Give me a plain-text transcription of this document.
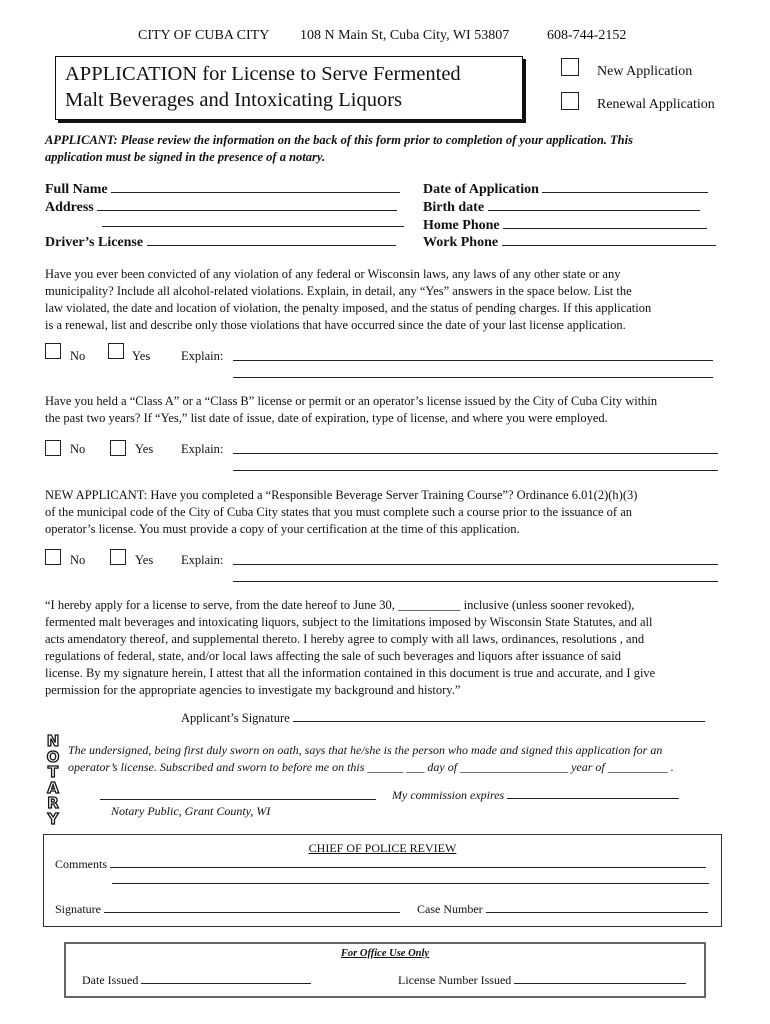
CITY OF CUBA CITY 108 N Main St, Cuba City, WI 53807	608-744-2152
APPLICATION for License to Serve Fermented
Malt Beverages and Intoxicating Liquors
New Application
Renewal Application
APPLICANT: Please review the information on the back of this form prior to completion of your application. This
application must be signed in the presence of a notary.
Full Name
Address
Driver’s License
Date of Application
Birth date
Home Phone
Work Phone
Have you ever been convicted of any violation of any federal or Wisconsin laws, any laws of any other state or any
municipality? Include all alcohol-related violations. Explain, in detail, any “Yes” answers in the space below. List the
law violated, the date and location of violation, the penalty imposed, and the status of pending charges. If this application
is a renewal, list and describe only those violations that have occurred since the date of your last license application.
No	Yes Explain:
Have you held a “Class A” or a “Class B” license or permit or an operator’s license issued by the City of Cuba City within
the past two years? If “Yes,” list date of issue, date of expiration, type of license, and where you were employed.
No	Yes Explain:
NEW APPLICANT: Have you completed a “Responsible Beverage Server Training Course”? Ordinance 6.01(2)(h)(3)
of the municipal code of the City of Cuba City states that you must complete such a course prior to the issuance of an
operator’s license. You must provide a copy of your certification at the time of this application.
No	Yes Explain:
“I hereby apply for a license to serve, from the date hereof to June 30, __________ inclusive (unless sooner revoked),
fermented malt beverages and intoxicating liquors, subject to the limitations imposed by Wisconsin State Statutes, and all
acts amendatory thereof, and supplemental thereto. I hereby agree to comply with all laws, ordinances, resolutions , and
regulations of federal, state, and/or local laws affecting the sale of such beverages and liquors after issuance of said
license. By my signature herein, I attest that all the information contained in this document is true and accurate, and I give
permission for the appropriate agencies to investigate my background and history.”
Applicant’s Signature
N
O
T
A
R
Y
The undersigned, being first duly sworn on oath, says that he/she is the person who made and signed this application for an
operator’s license. Subscribed and sworn to before me on this ______ ___ day of __________________ year of __________ .
My commission expires
Notary Public, Grant County, WI
CHIEF OF POLICE REVIEW
Comments
Signature	Case Number
For Office Use Only
Date Issued	License Number Issued
